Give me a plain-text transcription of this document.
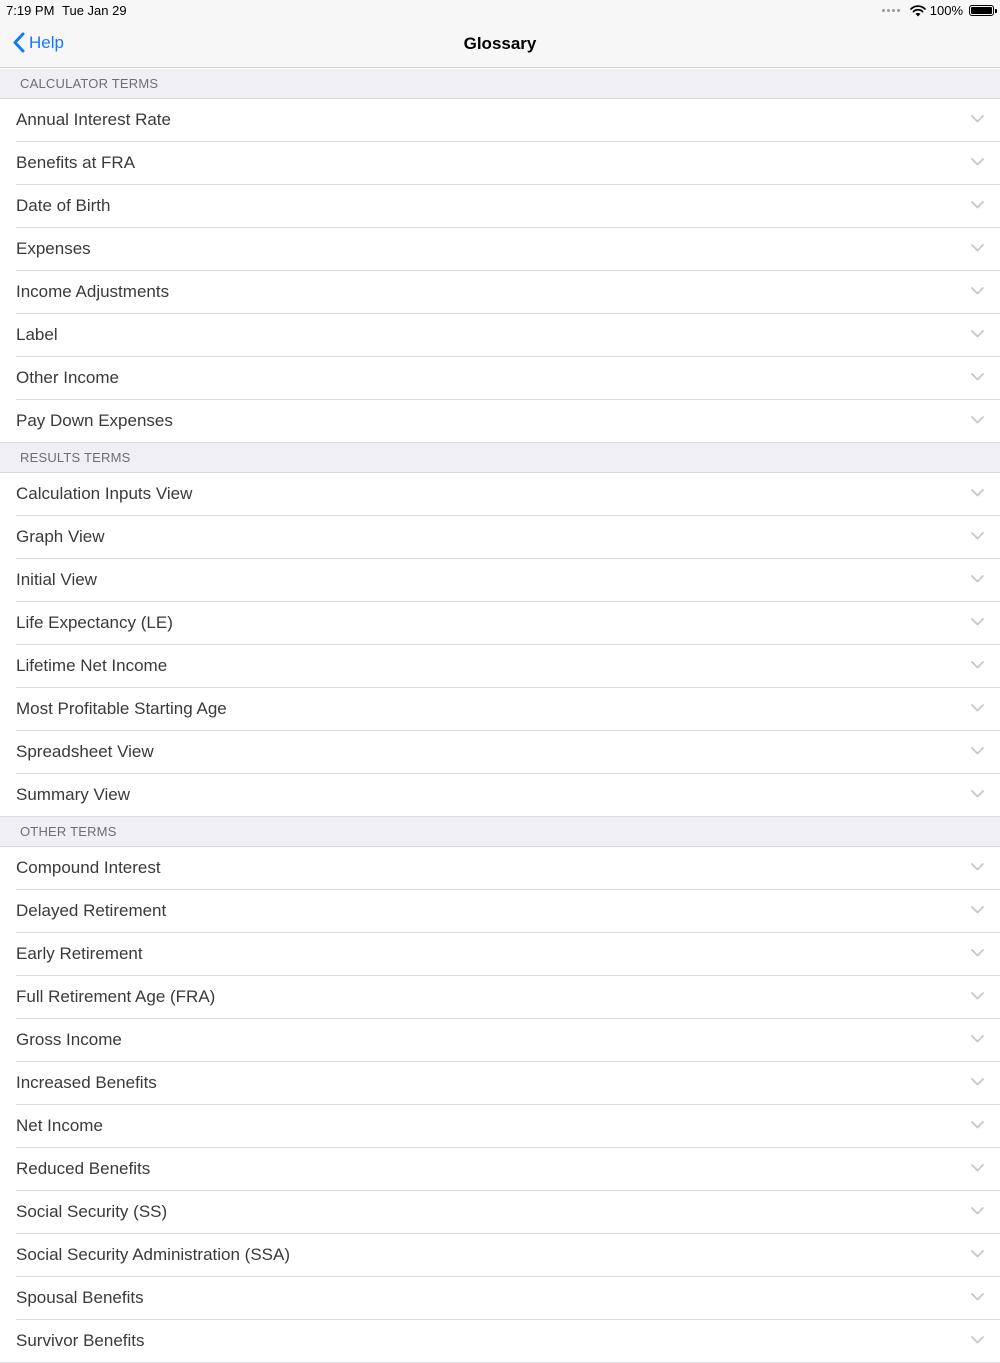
7:19 PM Tue Jan 29	100%
Help	Glossary
CALCULATOR TERMS
Annual Interest Rate
Benefits at FRA
Date of Birth
Expenses
Income Adjustments
Label
Other Income
Pay Down Expenses
RESULTS TERMS
Calculation Inputs View
Graph View
Initial View
Life Expectancy (LE)
Lifetime Net Income
Most Profitable Starting Age
Spreadsheet View
Summary View
OTHER TERMS
Compound Interest
Delayed Retirement
Early Retirement
Full Retirement Age (FRA)
Gross Income
Increased Benefits
Net Income
Reduced Benefits
Social Security (SS)
Social Security Administration (SSA)
Spousal Benefits
Survivor Benefits
